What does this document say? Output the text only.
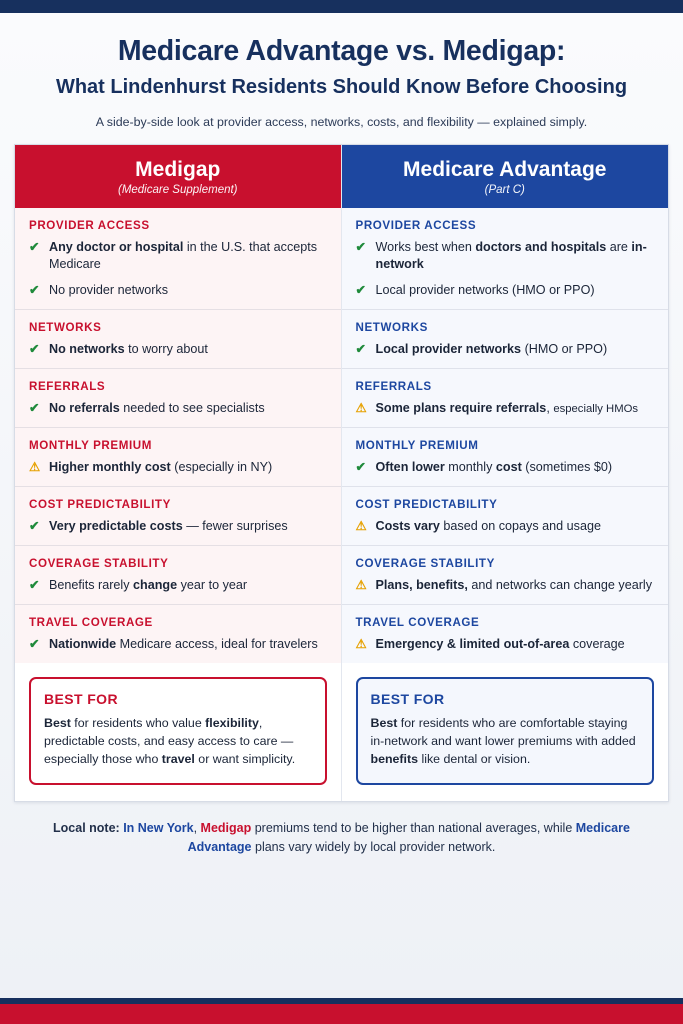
Medicare Advantage vs. Medigap:
What Lindenhurst Residents Should Know Before Choosing

A side-by-side look at provider access, networks, costs, and flexibility — explained simply.

Medigap
(Medicare Supplement)
PROVIDER ACCESS
✔ Any doctor or hospital in the U.S. that accepts Medicare
✔ No provider networks
NETWORKS
✔ No networks to worry about
REFERRALS
✔ No referrals needed to see specialists
MONTHLY PREMIUM
⚠ Higher monthly cost (especially in NY)
COST PREDICTABILITY
✔ Very predictable costs — fewer surprises
COVERAGE STABILITY
✔ Benefits rarely change year to year
TRAVEL COVERAGE
✔ Nationwide Medicare access, ideal for travelers
BEST FOR

Best for residents who value flexibility, predictable costs, and easy access to care — especially those who travel or want simplicity.

Medicare Advantage
(Part C)
PROVIDER ACCESS
✔ Works best when doctors and hospitals are in-network
✔ Local provider networks (HMO or PPO)
NETWORKS
✔ Local provider networks (HMO or PPO)
REFERRALS
⚠ Some plans require referrals, especially HMOs
MONTHLY PREMIUM
✔ Often lower monthly cost (sometimes $0)
COST PREDICTABILITY
⚠ Costs vary based on copays and usage
COVERAGE STABILITY
⚠ Plans, benefits, and networks can change yearly
TRAVEL COVERAGE
⚠ Emergency & limited out-of-area coverage
BEST FOR

Best for residents who are comfortable staying in-network and want lower premiums with added benefits like dental or vision.

Local note: In New York, Medigap premiums tend to be higher than national averages, while Medicare Advantage plans vary widely by local provider network.
